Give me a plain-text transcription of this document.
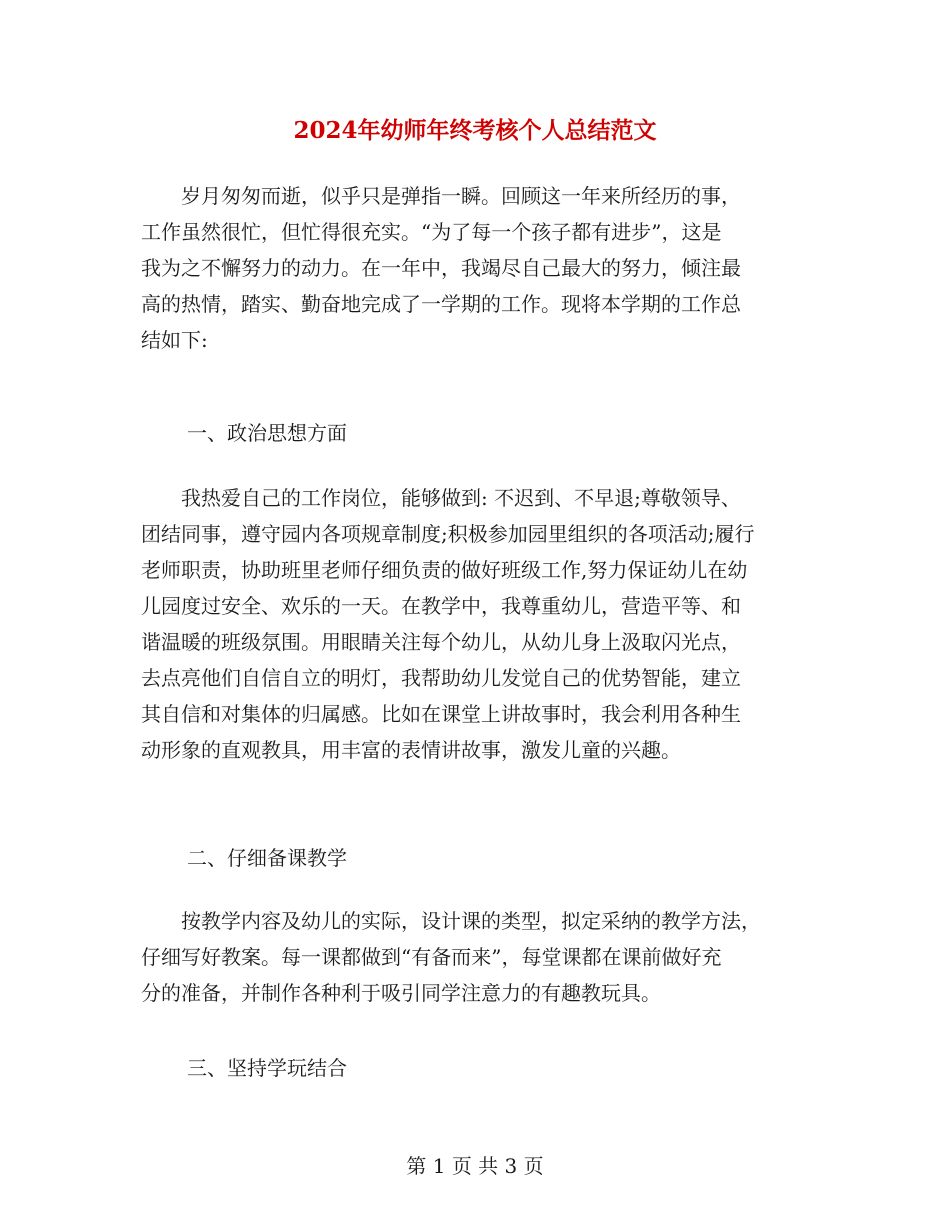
2024年幼师年终考核个人总结范文
　　岁月匆匆而逝，似乎只是弹指一瞬。回顾这一年来所经历的事，
工作虽然很忙，但忙得很充实。“为了每一个孩子都有进步”，这是
我为之不懈努力的动力。在一年中，我竭尽自己最大的努力，倾注最
高的热情，踏实、勤奋地完成了一学期的工作。现将本学期的工作总
结如下:
一、政治思想方面
　　我热爱自己的工作岗位，能够做到: 不迟到、不早退;尊敬领导、
团结同事，遵守园内各项规章制度;积极参加园里组织的各项活动;履行
老师职责，协助班里老师仔细负责的做好班级工作,努力保证幼儿在幼
儿园度过安全、欢乐的一天。在教学中，我尊重幼儿，营造平等、和
谐温暖的班级氛围。用眼睛关注每个幼儿，从幼儿身上汲取闪光点，
去点亮他们自信自立的明灯，我帮助幼儿发觉自己的优势智能，建立
其自信和对集体的归属感。比如在课堂上讲故事时，我会利用各种生
动形象的直观教具，用丰富的表情讲故事，激发儿童的兴趣。
二、仔细备课教学
　　按教学内容及幼儿的实际，设计课的类型，拟定采纳的教学方法，
仔细写好教案。每一课都做到“有备而来”，每堂课都在课前做好充
分的准备，并制作各种利于吸引同学注意力的有趣教玩具。
三、坚持学玩结合
第 1 页 共 3 页
